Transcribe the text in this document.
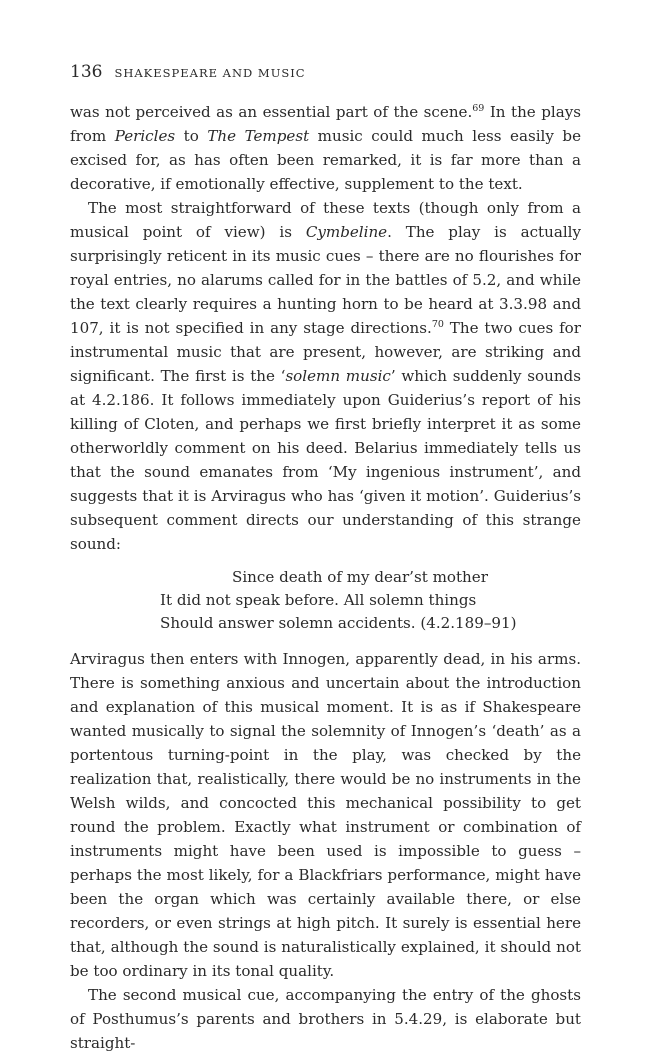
136 SHAKESPEARE AND MUSIC

was not perceived as an essential part of the scene.$^{69}$ In the plays from Pericles to The Tempest music could much less easily be excised for, as has often been remarked, it is far more than a decorative, if emotionally effective, supplement to the text.

The most straightforward of these texts (though only from a musical point of view) is Cymbeline. The play is actually surprisingly reticent in its music cues – there are no flourishes for royal entries, no alarums called for in the battles of 5.2, and while the text clearly requires a hunting horn to be heard at 3.3.98 and 107, it is not specified in any stage directions.$^{70}$ The two cues for instrumental music that are present, however, are striking and significant. The first is the ‘solemn music’ which suddenly sounds at 4.2.186. It follows immediately upon Guiderius’s report of his killing of Cloten, and perhaps we first briefly interpret it as some otherworldly comment on his deed. Belarius immediately tells us that the sound emanates from ‘My ingenious instrument’, and suggests that it is Arviragus who has ‘given it motion’. Guiderius’s subsequent comment directs our understanding of this strange sound:

Since death of my dear’st mother
It did not speak before. All solemn things
Should answer solemn accidents. (4.2.189–91)

Arviragus then enters with Innogen, apparently dead, in his arms. There is something anxious and uncertain about the introduction and explanation of this musical moment. It is as if Shakespeare wanted musically to signal the solemnity of Innogen’s ‘death’ as a portentous turning-point in the play, was checked by the realization that, realistically, there would be no instruments in the Welsh wilds, and concocted this mechanical possibility to get round the problem. Exactly what instrument or combination of instruments might have been used is impossible to guess – perhaps the most likely, for a Blackfriars performance, might have been the organ which was certainly available there, or else recorders, or even strings at high pitch. It surely is essential here that, although the sound is naturalistically explained, it should not be too ordinary in its tonal quality.

The second musical cue, accompanying the entry of the ghosts of Posthumus’s parents and brothers in 5.4.29, is elaborate but straight-
